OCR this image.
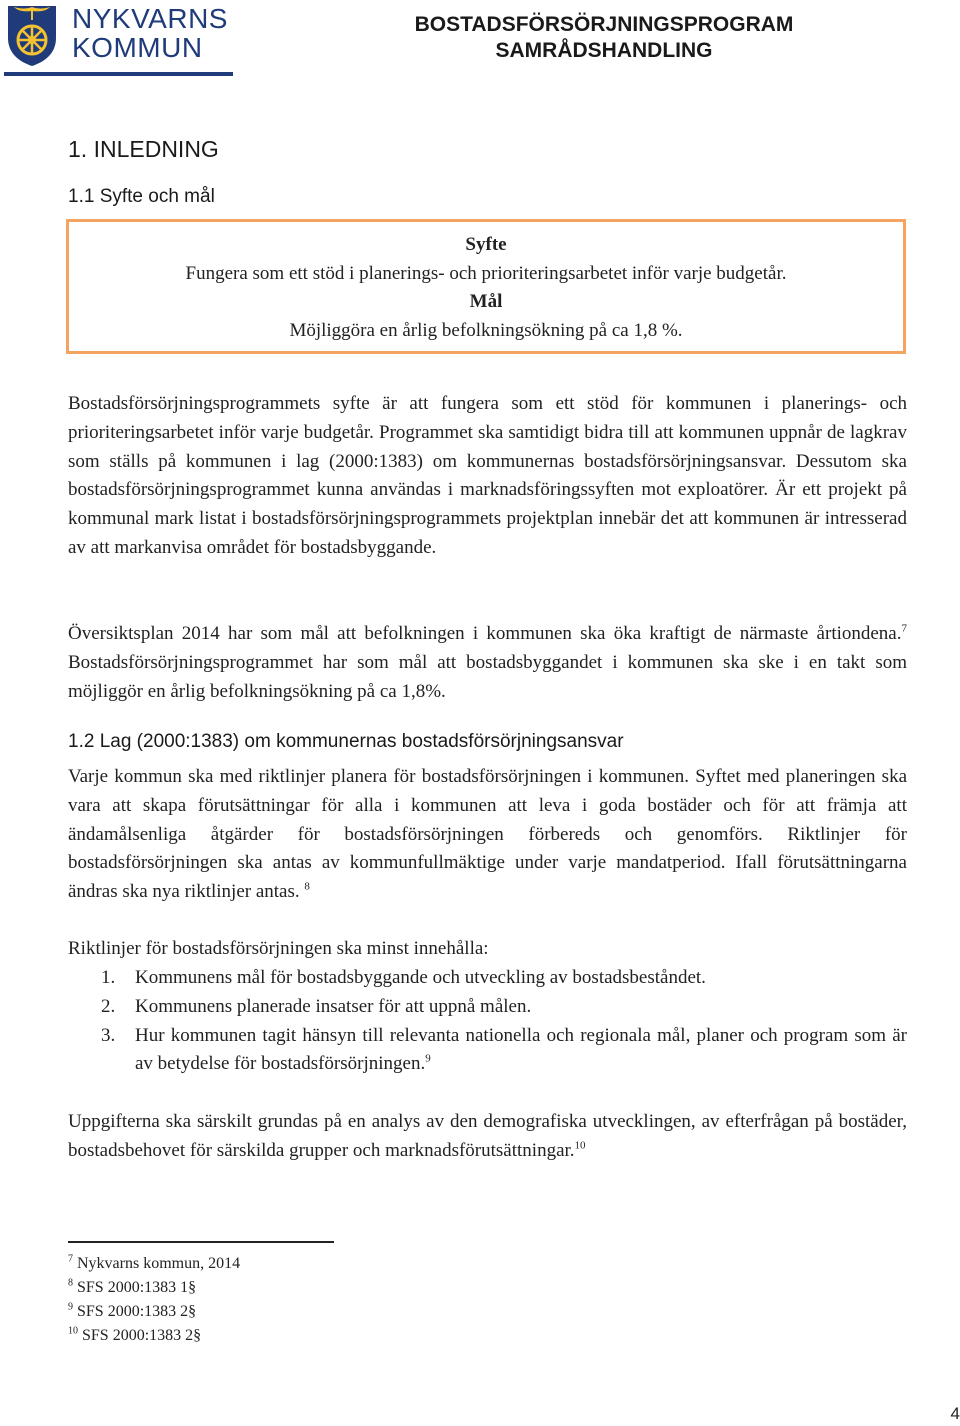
NYKVARNS
KOMMUN
BOSTADSFÖRSÖRJNINGSPROGRAM
SAMRÅDSHANDLING
1. INLEDNING
1.1 Syfte och mål
Syfte
Fungera som ett stöd i planerings- och prioriteringsarbetet inför varje budgetår.
Mål
Möjliggöra en årlig befolkningsökning på ca 1,8 %.
Bostadsförsörjningsprogrammets syfte är att fungera som ett stöd för kommunen i planerings- och prioriteringsarbetet inför varje budgetår. Programmet ska samtidigt bidra till att kommunen uppnår de lagkrav som ställs på kommunen i lag (2000:1383) om kommunernas bostadsförsörjningsansvar. Dessutom ska bostadsförsörjningsprogrammet kunna användas i marknadsföringssyften mot exploatörer. Är ett projekt på kommunal mark listat i bostadsförsörjningsprogrammets projektplan innebär det att kommunen är intresserad av att markanvisa området för bostadsbyggande.
Översiktsplan 2014 har som mål att befolkningen i kommunen ska öka kraftigt de närmaste årtiondena.$^7$ Bostadsförsörjningsprogrammet har som mål att bostadsbyggandet i kommunen ska ske i en takt som möjliggör en årlig befolkningsökning på ca 1,8%.
1.2 Lag (2000:1383) om kommunernas bostadsförsörjningsansvar
Varje kommun ska med riktlinjer planera för bostadsförsörjningen i kommunen. Syftet med planeringen ska vara att skapa förutsättningar för alla i kommunen att leva i goda bostäder och för att främja att ändamålsenliga åtgärder för bostadsförsörjningen förbereds och genomförs. Riktlinjer för bostadsförsörjningen ska antas av kommunfullmäktige under varje mandatperiod. Ifall förutsättningarna ändras ska nya riktlinjer antas. $^8$
Riktlinjer för bostadsförsörjningen ska minst innehålla:
1. Kommunens mål för bostadsbyggande och utveckling av bostadsbeståndet.
2. Kommunens planerade insatser för att uppnå målen.
3. Hur kommunen tagit hänsyn till relevanta nationella och regionala mål, planer och program som är av betydelse för bostadsförsörjningen.$^9$
Uppgifterna ska särskilt grundas på en analys av den demografiska utvecklingen, av efterfrågan på bostäder, bostadsbehovet för särskilda grupper och marknadsförutsättningar.$^{10}$
$^7$ Nykvarns kommun, 2014
$^8$ SFS 2000:1383 1§
$^9$ SFS 2000:1383 2§
$^{10}$ SFS 2000:1383 2§
4
